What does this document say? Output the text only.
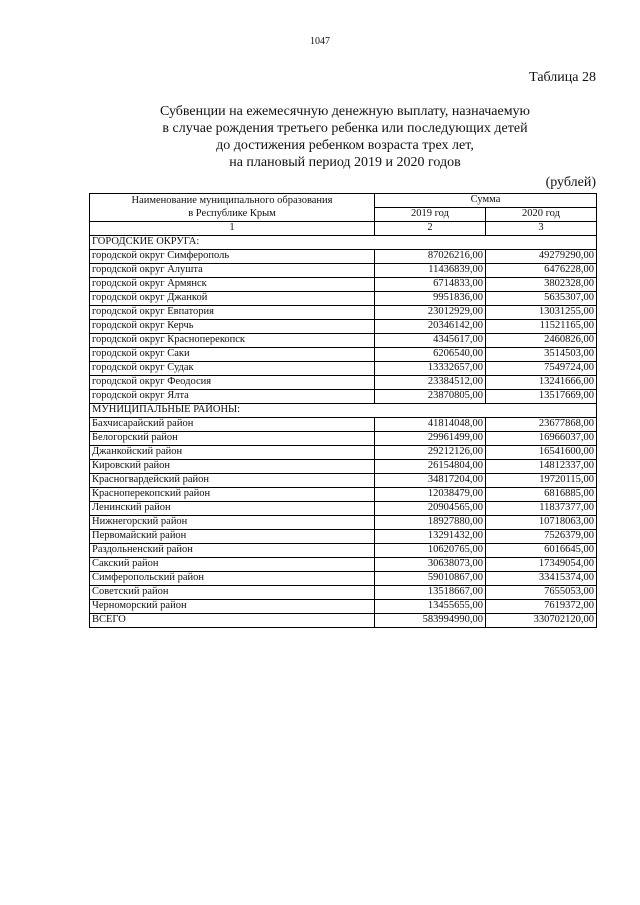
1047
Таблица 28
Субвенции на ежемесячную денежную выплату, назначаемую
в случае рождения третьего ребенка или последующих детей
до достижения ребенком возраста трех лет,
на плановый период 2019 и 2020 годов
(рублей)
Наименование муниципального образования
в Республике Крым	Сумма	
	2019 год	2020 год
1	2	3
ГОРОДСКИЕ ОКРУГА:		
городской округ Симферополь	87026216,00	49279290,00
городской округ Алушта	11436839,00	6476228,00
городской округ Армянск	6714833,00	3802328,00
городской округ Джанкой	9951836,00	5635307,00
городской округ Евпатория	23012929,00	13031255,00
городской округ Керчь	20346142,00	11521165,00
городской округ Красноперекопск	4345617,00	2460826,00
городской округ Саки	6206540,00	3514503,00
городской округ Судак	13332657,00	7549724,00
городской округ Феодосия	23384512,00	13241666,00
городской округ Ялта	23870805,00	13517669,00
МУНИЦИПАЛЬНЫЕ РАЙОНЫ:		
Бахчисарайский район	41814048,00	23677868,00
Белогорский район	29961499,00	16966037,00
Джанкойский район	29212126,00	16541600,00
Кировский район	26154804,00	14812337,00
Красногвардейский район	34817204,00	19720115,00
Красноперекопский район	12038479,00	6816885,00
Ленинский район	20904565,00	11837377,00
Нижнегорский район	18927880,00	10718063,00
Первомайский район	13291432,00	7526379,00
Раздольненский район	10620765,00	6016645,00
Сакский район	30638073,00	17349054,00
Симферопольский район	59010867,00	33415374,00
Советский район	13518667,00	7655053,00
Черноморский район	13455655,00	7619372,00
ВСЕГО	583994990,00	330702120,00
